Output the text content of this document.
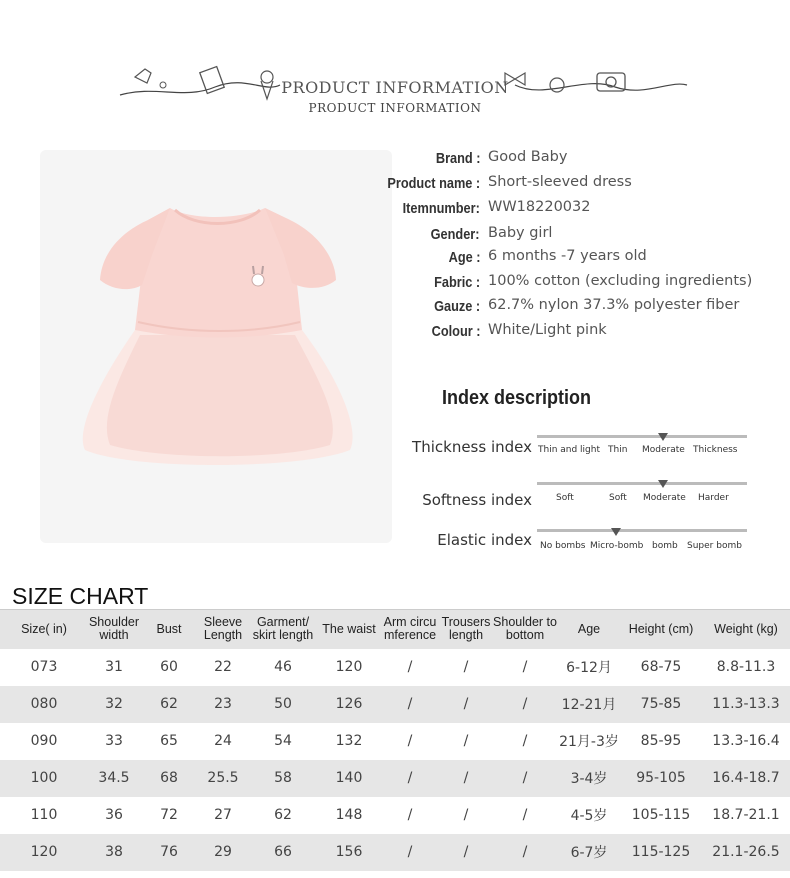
PRODUCT INFORMATION
PRODUCT INFORMATION
Brand : Good Baby
Product name : Short-sleeved dress
Itemnumber: WW18220032
Gender: Baby girl
Age : 6 months -7 years old
Fabric : 100% cotton (excluding ingredients)
Gauze : 62.7% nylon 37.3% polyester fiber
Colour : White/Light pink
Index description
Thickness index Thin and light Thin Moderate Thickness
Softness index	Soft	Soft Moderate Harder
Elastic index No bombs Micro-bomb bomb Super bomb
SIZE CHART
Size( in)	Shoulder width	Bust	Sleeve Length	Garment/ skirt length	The waist	Arm circu mference	Trousers length	Shoulder to bottom	Age	Height (cm)	Weight (kg)
073	31	60	22	46	120	/	/	/	6-12月	68-75	8.8-11.3
080	32	62	23	50	126	/	/	/	12-21月	75-85	11.3-13.3
090	33	65	24	54	132	/	/	/	21月-3岁	85-95	13.3-16.4
100	34.5	68	25.5	58	140	/	/	/	3-4岁	95-105	16.4-18.7
110	36	72	27	62	148	/	/	/	4-5岁	105-115	18.7-21.1
120	38	76	29	66	156	/	/	/	6-7岁	115-125	21.1-26.5
